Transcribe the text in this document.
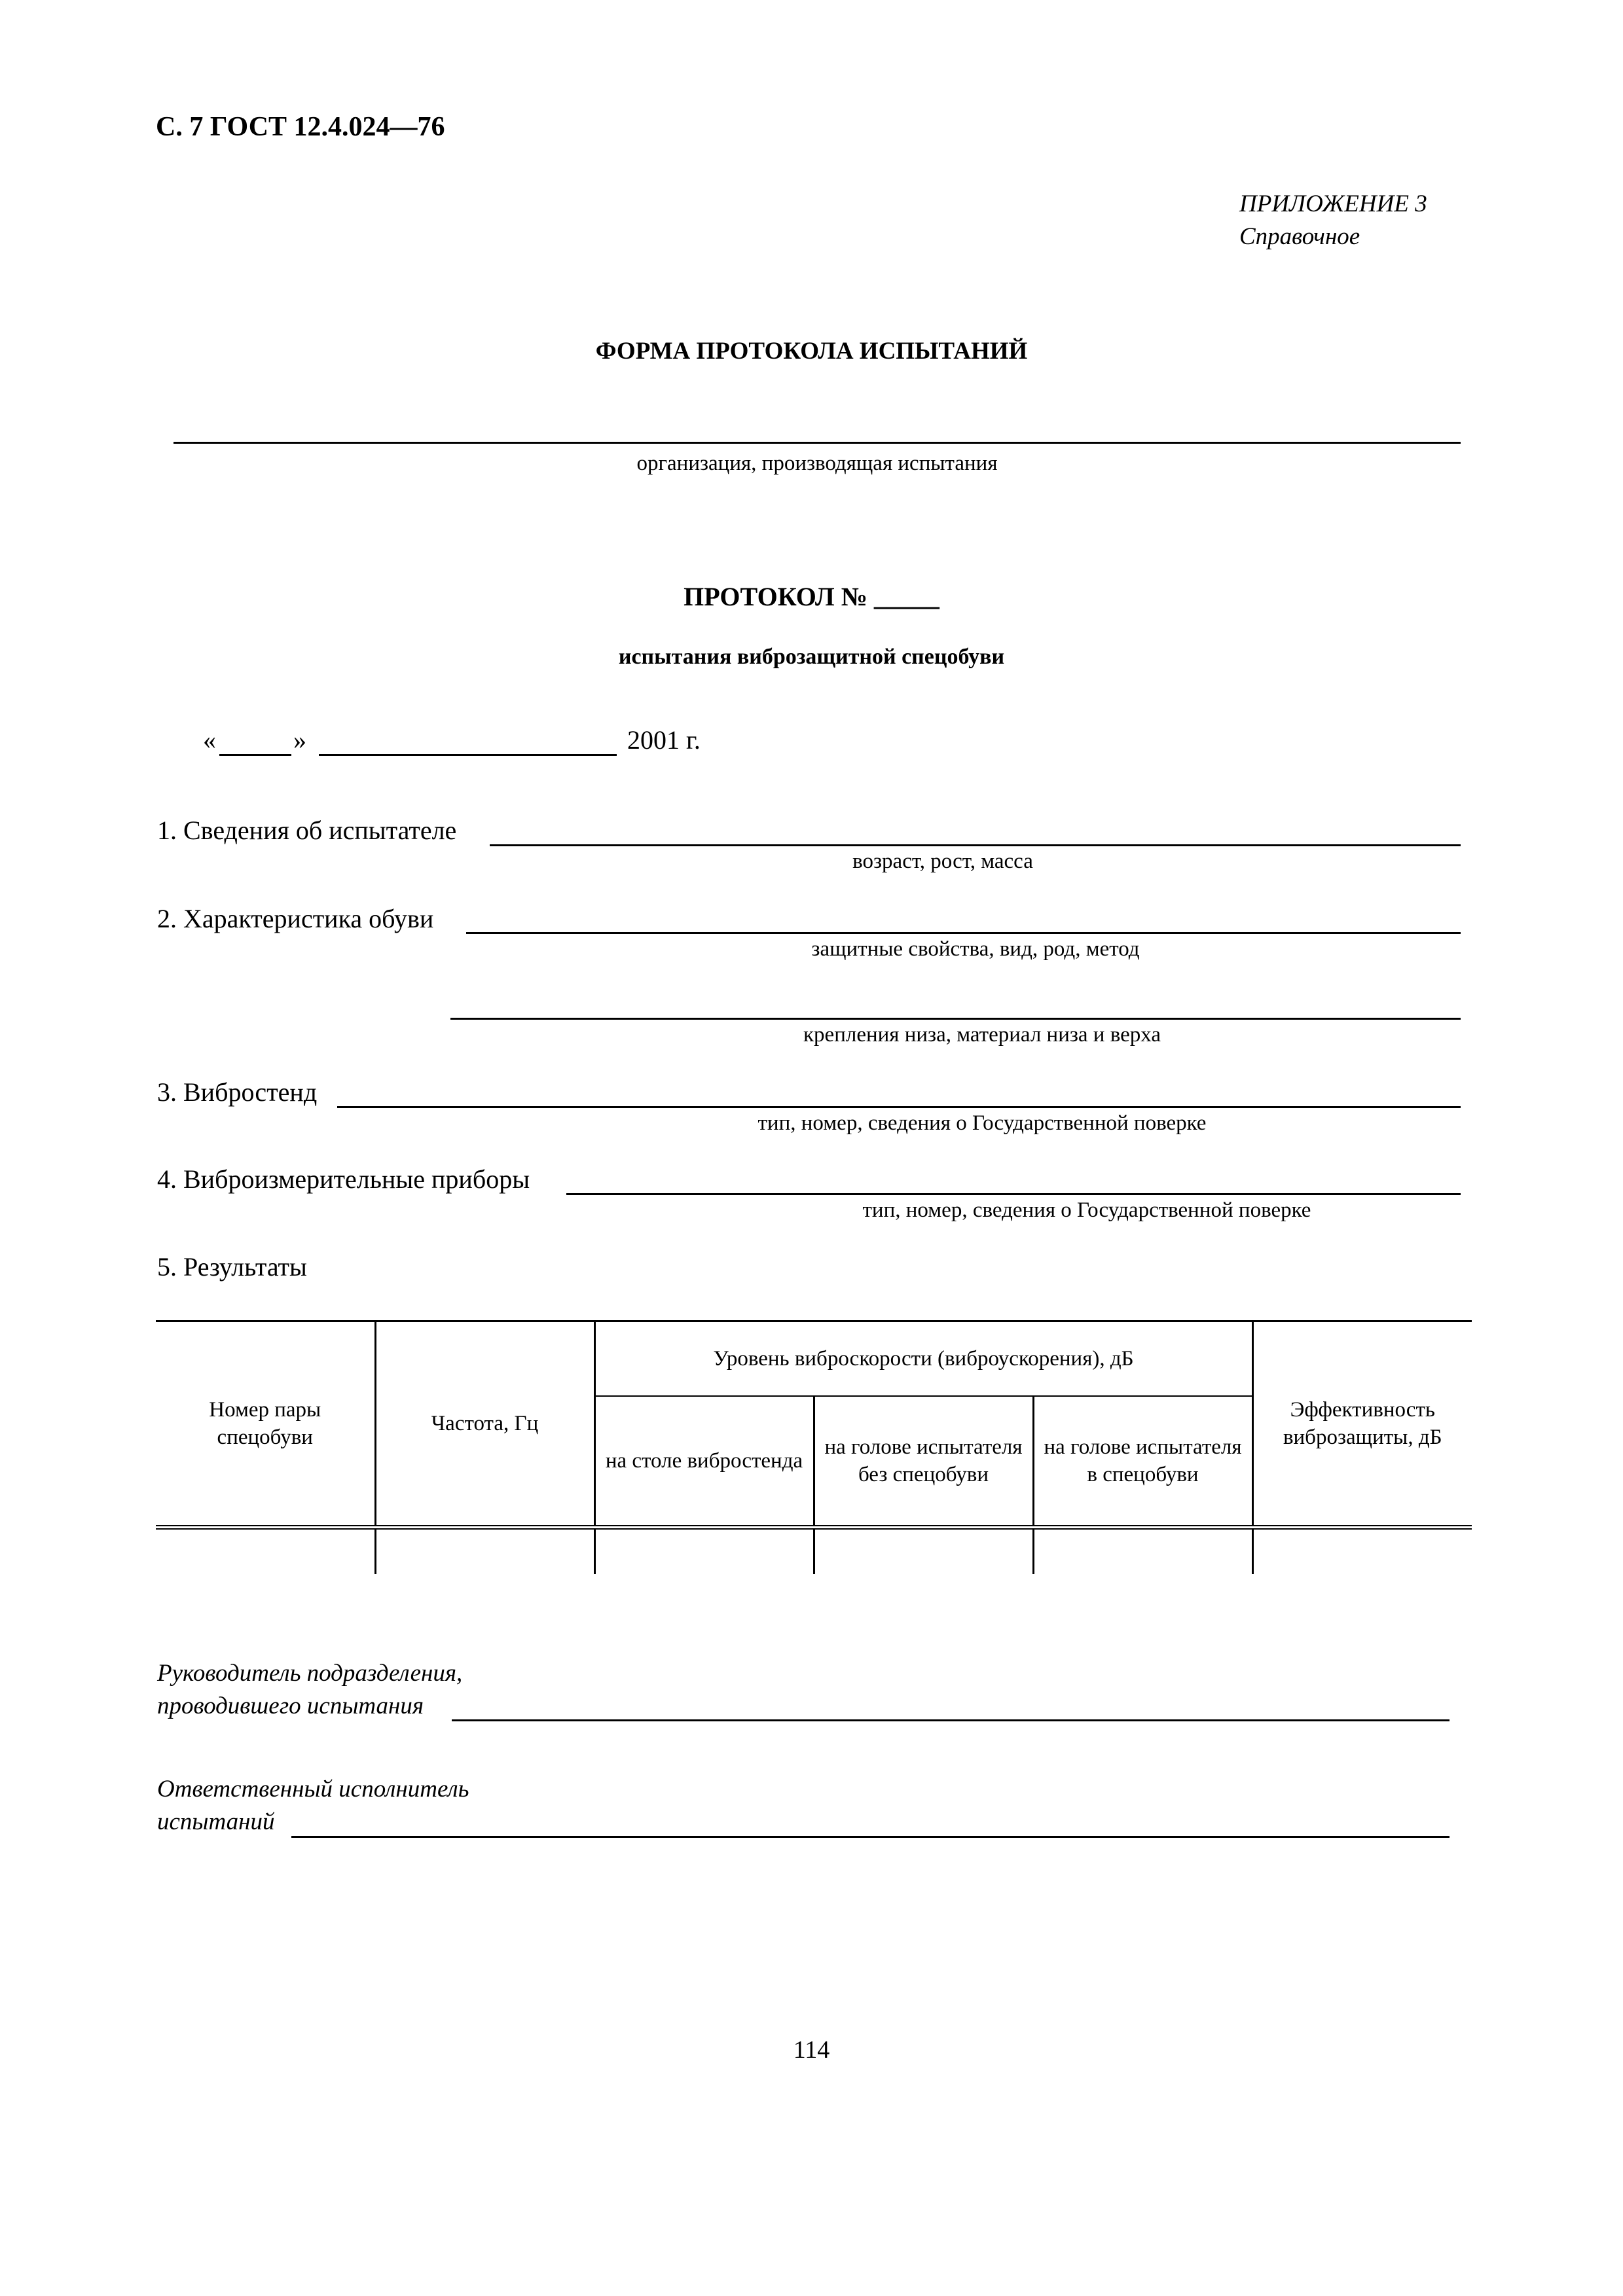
С. 7 ГОСТ 12.4.024—76
ПРИЛОЖЕНИЕ 3
Справочное
ФОРМА ПРОТОКОЛА ИСПЫТАНИЙ
организация, производящая испытания
ПРОТОКОЛ № _____
испытания виброзащитной спецобуви
«	»	2001 г.
1. Сведения об испытателе
возраст, рост, масса
2. Характеристика обуви
защитные свойства, вид, род, метод
крепления низа, материал низа и верха
3. Вибростенд
тип, номер, сведения о Государственной поверке
4. Виброизмерительные приборы
тип, номер, сведения о Государственной поверке
5. Результаты
Номер пары спецобуви	Частота, Гц	Уровень виброскорости (виброускорения), дБ			Эффективность виброзащиты, дБ
		на столе вибростенда	на голове испытателя без спецобуви	на голове испытателя в спецобуви	

Руководитель подразделения,
проводившего испытания
Ответственный исполнитель
испытаний
114
